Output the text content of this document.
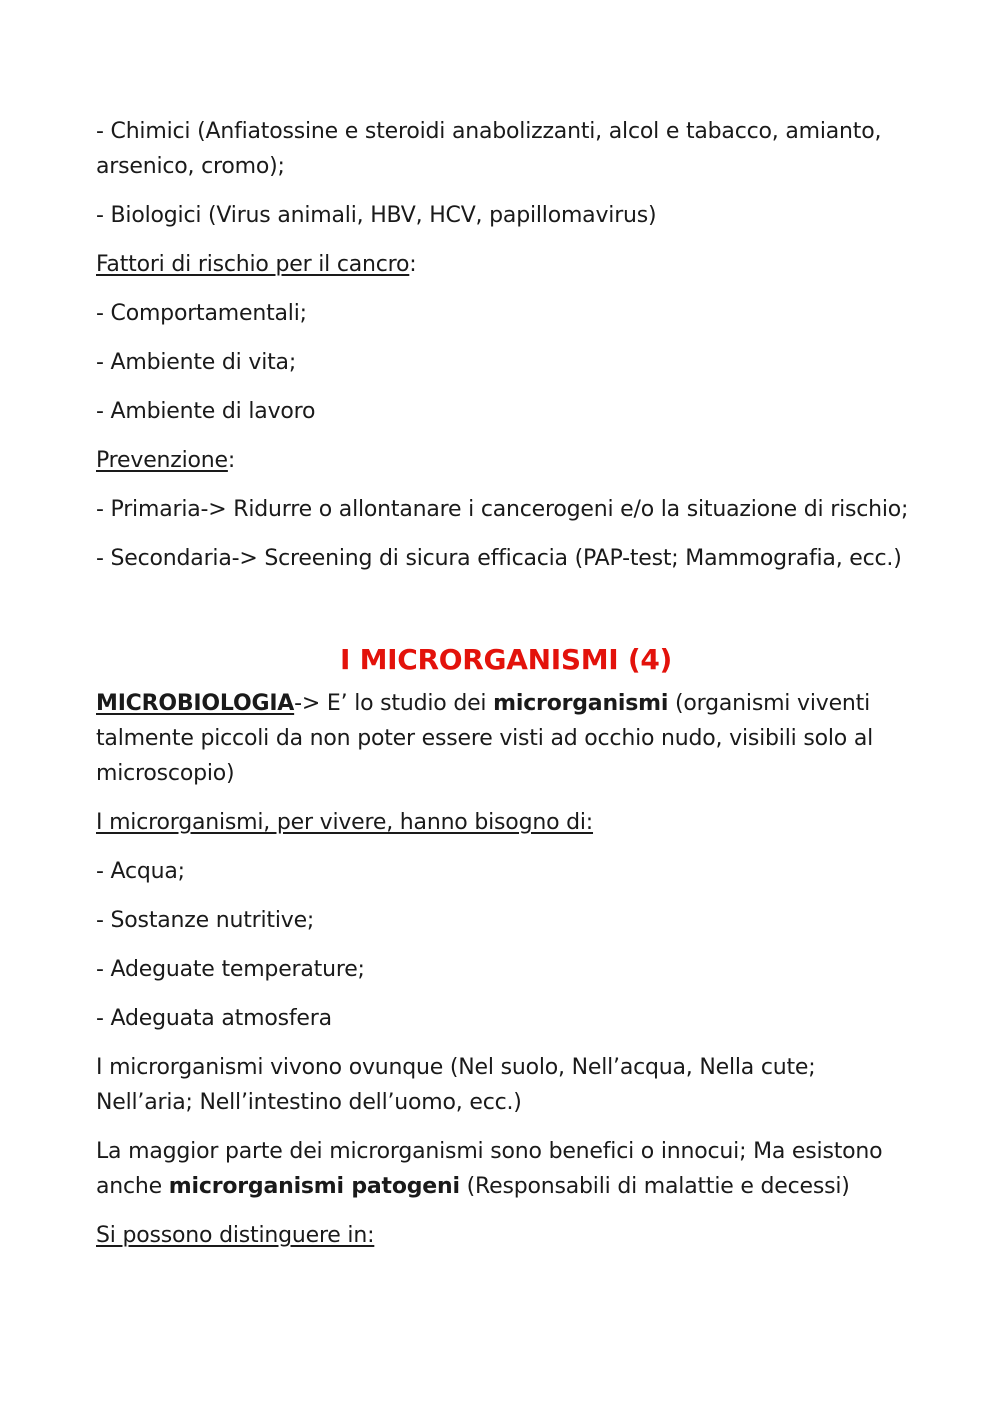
- Chimici (Anfiatossine e steroidi anabolizzanti, alcol e tabacco, amianto, arsenico, cromo);

- Biologici (Virus animali, HBV, HCV, papillomavirus)

Fattori di rischio per il cancro:

- Comportamentali;

- Ambiente di vita;

- Ambiente di lavoro

Prevenzione:

- Primaria-> Ridurre o allontanare i cancerogeni e/o la situazione di rischio;

- Secondaria-> Screening di sicura efficacia (PAP-test; Mammografia, ecc.)

I MICRORGANISMI (4)

MICROBIOLOGIA-> E’ lo studio dei microrganismi (organismi viventi talmente piccoli da non poter essere visti ad occhio nudo, visibili solo al microscopio)

I microrganismi, per vivere, hanno bisogno di:

- Acqua;

- Sostanze nutritive;

- Adeguate temperature;

- Adeguata atmosfera

I microrganismi vivono ovunque (Nel suolo, Nell’acqua, Nella cute; Nell’aria; Nell’intestino dell’uomo, ecc.)

La maggior parte dei microrganismi sono benefici o innocui; Ma esistono anche microrganismi patogeni (Responsabili di malattie e decessi)

Si possono distinguere in:
